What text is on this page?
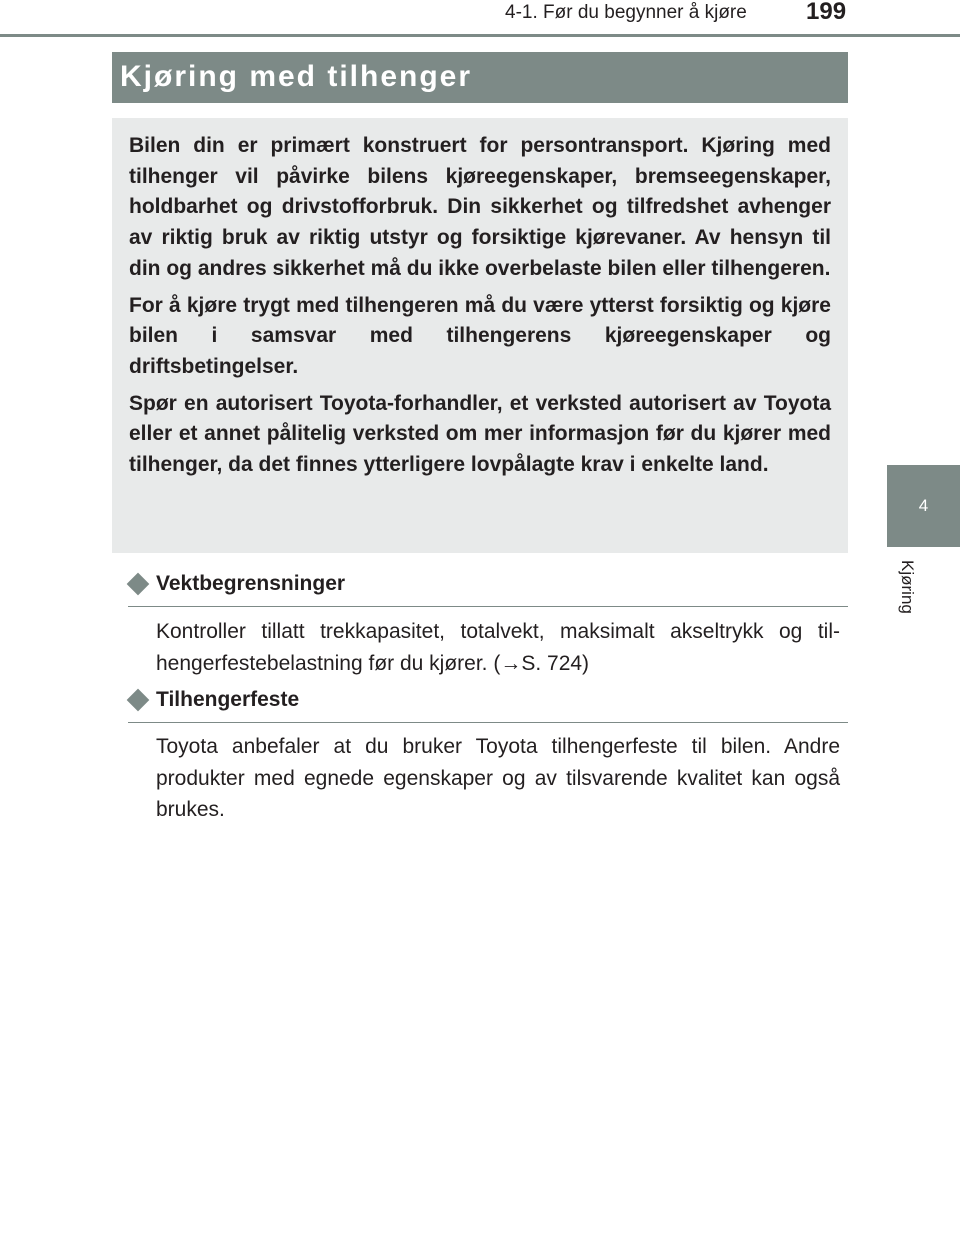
4-1. Før du begynner å kjøre	199
4
Kjøring
Kjøring med tilhenger

Bilen din er primært konstruert for persontransport. Kjøring med tilhenger vil påvirke bilens kjøreegenskaper, bremseegenskaper, holdbarhet og drivstofforbruk. Din sikkerhet og tilfredshet avhenger av riktig bruk av riktig utstyr og forsiktige kjørevaner. Av hensyn til din og andres sikkerhet må du ikke overbelaste bilen eller tilhengeren.

For å kjøre trygt med tilhengeren må du være ytterst forsiktig og kjøre bilen i samsvar med tilhengerens kjøreegenskaper og driftsbetingelser.

Spør en autorisert Toyota-forhandler, et verksted autorisert av Toyota eller et annet pålitelig verksted om mer informasjon før du kjører med tilhenger, da det finnes ytterligere lovpålagte krav i enkelte land.

Vektbegrensninger

Kontroller tillatt trekkapasitet, totalvekt, maksimalt akseltrykk og til-hengerfestebelastning før du kjører. (→S. 724)

Tilhengerfeste

Toyota anbefaler at du bruker Toyota tilhengerfeste til bilen. Andre produkter med egnede egenskaper og av tilsvarende kvalitet kan også brukes.
